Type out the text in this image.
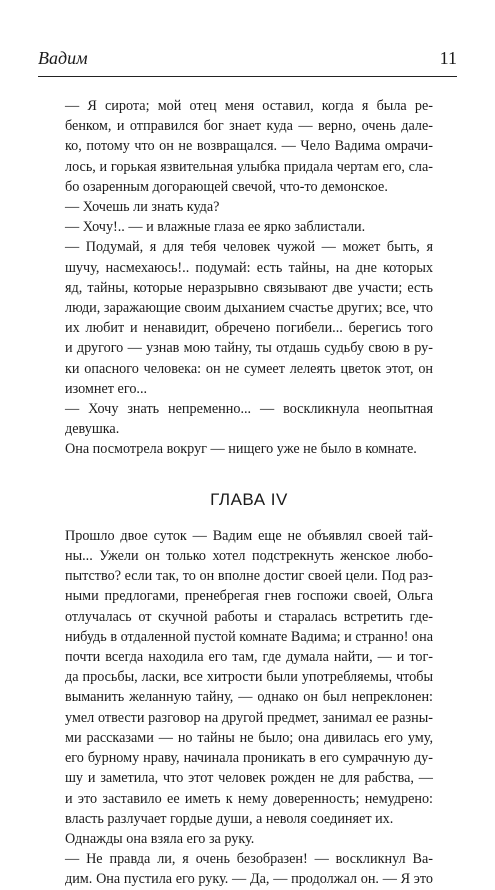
Вадим	11
— Я сирота; мой отец меня оставил, когда я была ре-
бенком, и отправился бог знает куда — верно, очень дале-
ко, потому что он не возвращался. — Чело Вадима омрачи-
лось, и горькая язвительная улыбка придала чертам его, сла-
бо озаренным догорающей свечой, что-то демонское.
— Хочешь ли знать куда?
— Хочу!.. — и влажные глаза ее ярко заблистали.
— Подумай, я для тебя человек чужой — может быть, я
шучу, насмехаюсь!.. подумай: есть тайны, на дне которых
яд, тайны, которые неразрывно связывают две участи; есть
люди, заражающие своим дыханием счастье других; все, что
их любит и ненавидит, обречено погибели... берегись того
и другого — узнав мою тайну, ты отдашь судьбу свою в ру-
ки опасного человека: он не сумеет лелеять цветок этот, он
изомнет его...
— Хочу знать непременно... — воскликнула неопытная
девушка.
Она посмотрела вокруг — нищего уже не было в комнате.
ГЛАВА IV
Прошло двое суток — Вадим еще не объявлял своей тай-
ны... Ужели он только хотел подстрекнуть женское любо-
пытство? если так, то он вполне достиг своей цели. Под раз-
ными предлогами, пренебрегая гнев госпожи своей, Ольга
отлучалась от скучной работы и старалась встретить где-
нибудь в отдаленной пустой комнате Вадима; и странно! она
почти всегда находила его там, где думала найти, — и тог-
да просьбы, ласки, все хитрости были употребляемы, чтобы
выманить желанную тайну, — однако он был непреклонен:
умел отвести разговор на другой предмет, занимал ее разны-
ми рассказами — но тайны не было; она дивилась его уму,
его бурному нраву, начинала проникать в его сумрачную ду-
шу и заметила, что этот человек рожден не для рабства, —
и это заставило ее иметь к нему доверенность; немудрено:
власть разлучает гордые души, а неволя соединяет их.
Однажды она взяла его за руку.
— Не правда ли, я очень безобразен! — воскликнул Ва-
дим. Она пустила его руку. — Да, — продолжал он. — Я это
